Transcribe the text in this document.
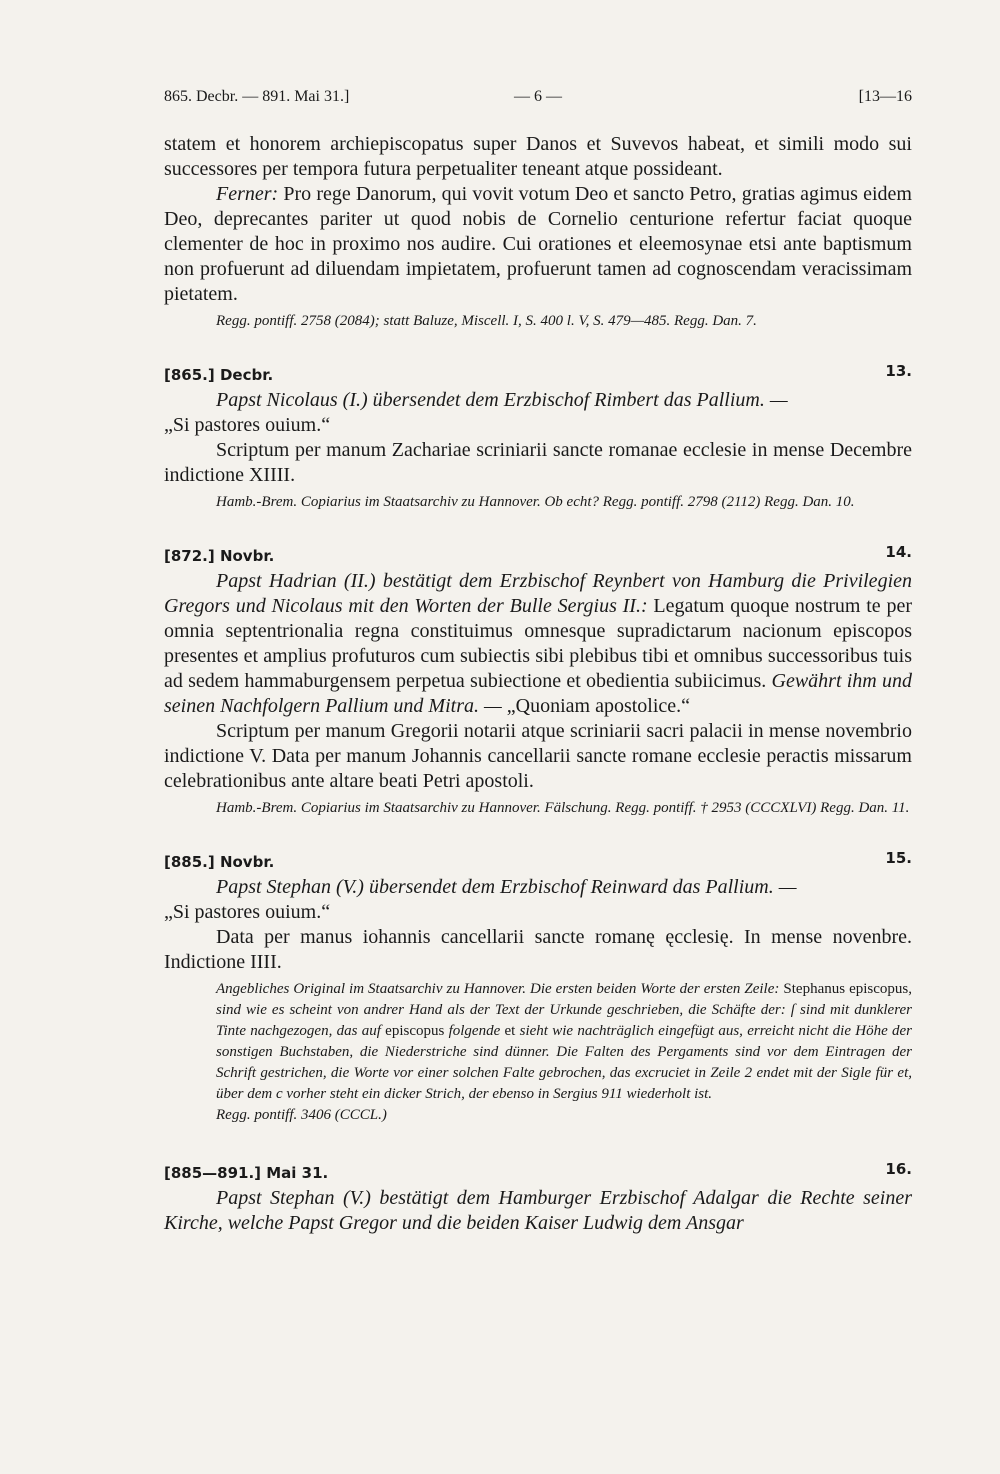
865. Decbr. — 891. Mai 31.]	— 6 —	[13—16

statem et honorem archiepiscopatus super Danos et Suvevos habeat, et simili modo sui successores per tempora futura perpetualiter teneant atque possideant.

Ferner: Pro rege Danorum, qui vovit votum Deo et sancto Petro, gratias agimus eidem Deo, deprecantes pariter ut quod nobis de Cornelio centurione refertur faciat quoque clementer de hoc in proximo nos audire. Cui orationes et eleemosynae etsi ante baptismum non profuerunt ad diluendam impietatem, profuerunt tamen ad cognoscendam veracissimam pietatem.

Regg. pontiff. 2758 (2084); statt Baluze, Miscell. I, S. 400 l. V, S. 479—485. Regg. Dan. 7.

[865.] Decbr.	13.

Papst Nicolaus (I.) übersendet dem Erzbischof Rimbert das Pallium. —

„Si pastores ouium.“

Scriptum per manum Zachariae scriniarii sancte romanae ecclesie in mense Decembre indictione XIIII.

Hamb.-Brem. Copiarius im Staatsarchiv zu Hannover. Ob echt? Regg. pontiff. 2798 (2112) Regg. Dan. 10.

[872.] Novbr.	14.

Papst Hadrian (II.) bestätigt dem Erzbischof Reynbert von Hamburg die Privilegien Gregors und Nicolaus mit den Worten der Bulle Sergius II.: Legatum quoque nostrum te per omnia septentrionalia regna constituimus omnesque supradictarum nacionum episcopos presentes et amplius profuturos cum subiectis sibi plebibus tibi et omnibus successoribus tuis ad sedem hammaburgensem perpetua subiectione et obedientia subiicimus. Gewährt ihm und seinen Nachfolgern Pallium und Mitra. — „Quoniam apostolice.“

Scriptum per manum Gregorii notarii atque scriniarii sacri palacii in mense novembrio indictione V. Data per manum Johannis cancellarii sancte romane ecclesie peractis missarum celebrationibus ante altare beati Petri apostoli.

Hamb.-Brem. Copiarius im Staatsarchiv zu Hannover. Fälschung. Regg. pontiff. † 2953 (CCCXLVI) Regg. Dan. 11.

[885.] Novbr.	15.

Papst Stephan (V.) übersendet dem Erzbischof Reinward das Pallium. —

„Si pastores ouium.“

Data per manus iohannis cancellarii sancte romanę ęcclesię. In mense novenbre. Indictione IIII.

Angebliches Original im Staatsarchiv zu Hannover. Die ersten beiden Worte der ersten Zeile: Stephanus episcopus, sind wie es scheint von andrer Hand als der Text der Urkunde geschrieben, die Schäfte der: ſ sind mit dunklerer Tinte nachgezogen, das auf episcopus folgende et sieht wie nachträglich eingefügt aus, erreicht nicht die Höhe der sonstigen Buchstaben, die Niederstriche sind dünner. Die Falten des Pergaments sind vor dem Eintragen der Schrift gestrichen, die Worte vor einer solchen Falte gebrochen, das excruciet in Zeile 2 endet mit der Sigle für et, über dem c vorher steht ein dicker Strich, der ebenso in Sergius 911 wiederholt ist.

Regg. pontiff. 3406 (CCCL.)

[885—891.] Mai 31.	16.

Papst Stephan (V.) bestätigt dem Hamburger Erzbischof Adalgar die Rechte seiner Kirche, welche Papst Gregor und die beiden Kaiser Ludwig dem Ansgar
